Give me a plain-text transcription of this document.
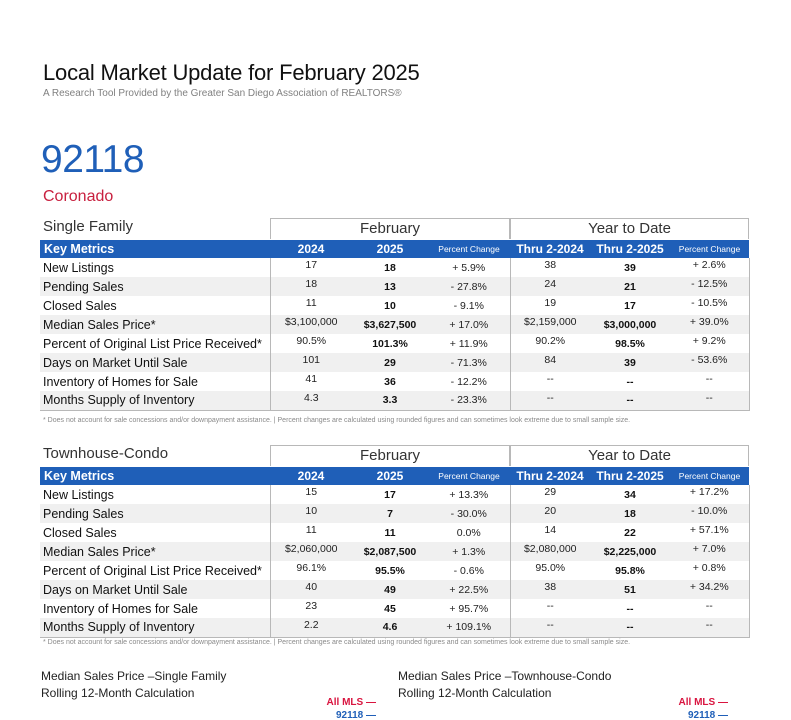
Local Market Update for February 2025
A Research Tool Provided by the Greater San Diego Association of REALTORS®
92118
Coronado
Single Family	February	Year to Date
Key Metrics	2024	2025	Percent Change	Thru 2-2024	Thru 2-2025	Percent Change
New Listings	17	18	+ 5.9%	38	39	+ 2.6%
Pending Sales	18	13	- 27.8%	24	21	- 12.5%
Closed Sales	11	10	- 9.1%	19	17	- 10.5%
Median Sales Price*	$3,100,000	$3,627,500	+ 17.0%	$2,159,000	$3,000,000	+ 39.0%
Percent of Original List Price Received*	90.5%	101.3%	+ 11.9%	90.2%	98.5%	+ 9.2%
Days on Market Until Sale	101	29	- 71.3%	84	39	- 53.6%
Inventory of Homes for Sale	41	36	- 12.2%	--	--	--
Months Supply of Inventory	4.3	3.3	- 23.3%	--	--	--
* Does not account for sale concessions and/or downpayment assistance. | Percent changes are calculated using rounded figures and can sometimes look extreme due to small sample size.
Townhouse-Condo	February	Year to Date
Key Metrics	2024	2025	Percent Change	Thru 2-2024	Thru 2-2025	Percent Change
New Listings	15	17	+ 13.3%	29	34	+ 17.2%
Pending Sales	10	7	- 30.0%	20	18	- 10.0%
Closed Sales	11	11	0.0%	14	22	+ 57.1%
Median Sales Price*	$2,060,000	$2,087,500	+ 1.3%	$2,080,000	$2,225,000	+ 7.0%
Percent of Original List Price Received*	96.1%	95.5%	- 0.6%	95.0%	95.8%	+ 0.8%
Days on Market Until Sale	40	49	+ 22.5%	38	51	+ 34.2%
Inventory of Homes for Sale	23	45	+ 95.7%	--	--	--
Months Supply of Inventory	2.2	4.6	+ 109.1%	--	--	--
* Does not account for sale concessions and/or downpayment assistance. | Percent changes are calculated using rounded figures and can sometimes look extreme due to small sample size.
Median Sales Price –Single Family
Rolling 12-Month Calculation
All MLS —
92118 —
Median Sales Price –Townhouse-Condo
Rolling 12-Month Calculation
All MLS —
92118 —
